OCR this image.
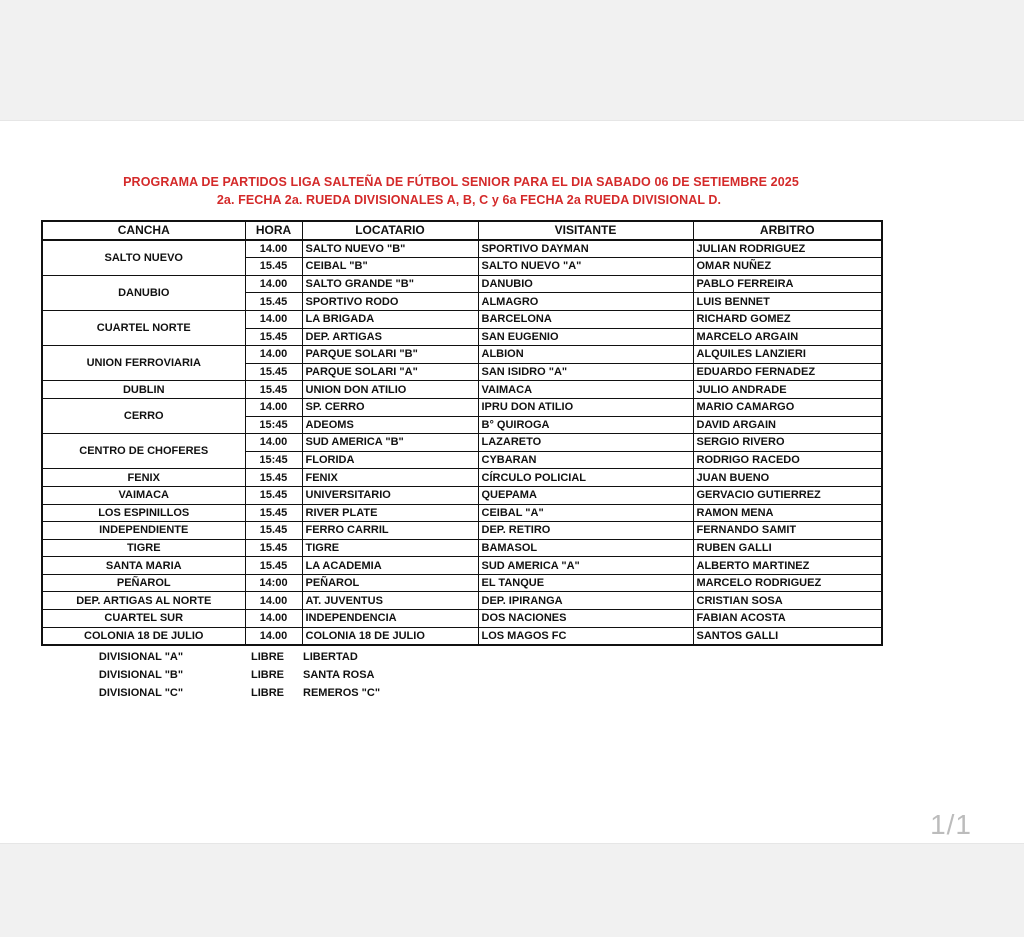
PROGRAMA DE PARTIDOS LIGA SALTEÑA DE FÚTBOL SENIOR PARA EL DIA SABADO 06 DE SETIEMBRE 2025
2a. FECHA 2a. RUEDA DIVISIONALES A, B, C y 6a FECHA 2a RUEDA DIVISIONAL D.
CANCHA	HORA	LOCATARIO	VISITANTE	ARBITRO
SALTO NUEVO	14.00	SALTO NUEVO "B"	SPORTIVO DAYMAN	JULIAN RODRIGUEZ
	15.45	CEIBAL "B"	SALTO NUEVO "A"	OMAR NUÑEZ
DANUBIO	14.00	SALTO GRANDE "B"	DANUBIO	PABLO FERREIRA
	15.45	SPORTIVO RODO	ALMAGRO	LUIS BENNET
CUARTEL NORTE	14.00	LA BRIGADA	BARCELONA	RICHARD GOMEZ
	15.45	DEP. ARTIGAS	SAN EUGENIO	MARCELO ARGAIN
UNION FERROVIARIA	14.00	PARQUE SOLARI "B"	ALBION	ALQUILES LANZIERI
	15.45	PARQUE SOLARI "A"	SAN ISIDRO "A"	EDUARDO FERNADEZ
DUBLIN	15.45	UNION DON ATILIO	VAIMACA	JULIO ANDRADE
CERRO	14.00	SP. CERRO	IPRU DON ATILIO	MARIO CAMARGO
	15:45	ADEOMS	B° QUIROGA	DAVID ARGAIN
CENTRO DE CHOFERES	14.00	SUD AMERICA "B"	LAZARETO	SERGIO RIVERO
	15:45	FLORIDA	CYBARAN	RODRIGO RACEDO
FENIX	15.45	FENIX	CÍRCULO POLICIAL	JUAN BUENO
VAIMACA	15.45	UNIVERSITARIO	QUEPAMA	GERVACIO GUTIERREZ
LOS ESPINILLOS	15.45	RIVER PLATE	CEIBAL "A"	RAMON MENA
INDEPENDIENTE	15.45	FERRO CARRIL	DEP. RETIRO	FERNANDO SAMIT
TIGRE	15.45	TIGRE	BAMASOL	RUBEN GALLI
SANTA MARIA	15.45	LA ACADEMIA	SUD AMERICA "A"	ALBERTO MARTINEZ
PEÑAROL	14:00	PEÑAROL	EL TANQUE	MARCELO RODRIGUEZ
DEP. ARTIGAS AL NORTE	14.00	AT. JUVENTUS	DEP. IPIRANGA	CRISTIAN SOSA
CUARTEL SUR	14.00	INDEPENDENCIA	DOS NACIONES	FABIAN ACOSTA
COLONIA 18 DE JULIO	14.00	COLONIA 18 DE JULIO	LOS MAGOS FC	SANTOS GALLI
DIVISIONAL "A"	LIBRE	LIBERTAD
DIVISIONAL "B"	LIBRE	SANTA ROSA
DIVISIONAL "C"	LIBRE	REMEROS "C"
1/1
